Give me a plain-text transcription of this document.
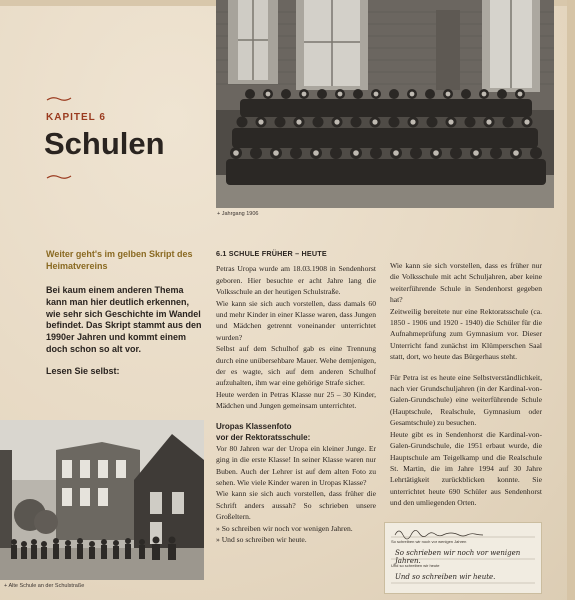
KAPITEL 6
Schulen
+ Jahrgang 1906
Weiter geht's im gelben Skript des Heimatvereins

Bei kaum einem anderen Thema kann man hier deutlich erkennen, wie sehr sich Geschichte im Wandel befindet. Das Skript stammt aus den 1990er Jahren und kommt einem doch schon so alt vor.

Lesen Sie selbst:

+ Alte Schule an der Schulstraße
6.1 SCHULE FRÜHER – HEUTE

Petras Uropa wurde am 18.03.1908 in Sendenhorst geboren. Hier besuchte er acht Jahre lang die Volksschule an der heutigen Schulstraße.

Wie kann sie sich auch vorstellen, dass damals 60 und mehr Kinder in einer Klasse waren, dass Jungen und Mädchen getrennt voneinander unterrichtet wurden?

Selbst auf dem Schulhof gab es eine Trennung durch eine unübersehbare Mauer. Wehe demjenigen, der es wagte, sich auf dem anderen Schulhof aufzuhalten, ihm war eine gehörige Strafe sicher.

Heute werden in Petras Klasse nur 25 – 30 Kinder, Mädchen und Jungen gemeinsam unterrichtet.

Uropas Klassenfoto
vor der Rektoratsschule:

Vor 80 Jahren war der Uropa ein kleiner Junge. Er ging in die erste Klasse! In seiner Klasse waren nur Buben. Auch der Lehrer ist auf dem alten Foto zu sehen. Wie viele Kinder waren in Uropas Klasse?

Wie kann sie sich auch vorstellen, dass früher die Schrift anders aussah? So schrieben unsere Großeltern.

» So schreiben wir noch vor wenigen Jahren.
» Und so schreiben wir heute.

Wie kann sie sich vorstellen, dass es früher nur die Volksschule mit acht Schuljahren, aber keine weiterführende Schule in Sendenhorst gegeben hat?

Zeitweilig bereitete nur eine Rektoratsschule (ca. 1850 - 1906 und 1920 - 1940) die Schüler für die Aufnahmeprüfung zum Gymnasium vor. Dieser Unterricht fand zunächst im Klümperschen Saal statt, dort, wo heute das Bürgerhaus steht.

Für Petra ist es heute eine Selbstverständlichkeit, nach vier Grundschuljahren (in der Kardinal-von-Galen-Grundschule) eine weiterführende Schule (Hauptschule, Realschule, Gymnasium oder Gesamtschule) zu besuchen.

Heute gibt es in Sendenhorst die Kardinal-von-Galen-Grundschule, die 1951 erbaut wurde, die Hauptschule am Teigelkamp und die Realschule St. Martin, die im Jahre 1994 auf 30 Jahre Lehrtätigkeit zurückblicken konnte. Sie unterrichtet heute 690 Schüler aus Sendenhorst und den umliegenden Orten.

So schreiben wir noch vor wenigen Jahren
So schrieben wir noch vor wenigen Jahren.
Und so schreiben wir heute
Und so schreiben wir heute.
